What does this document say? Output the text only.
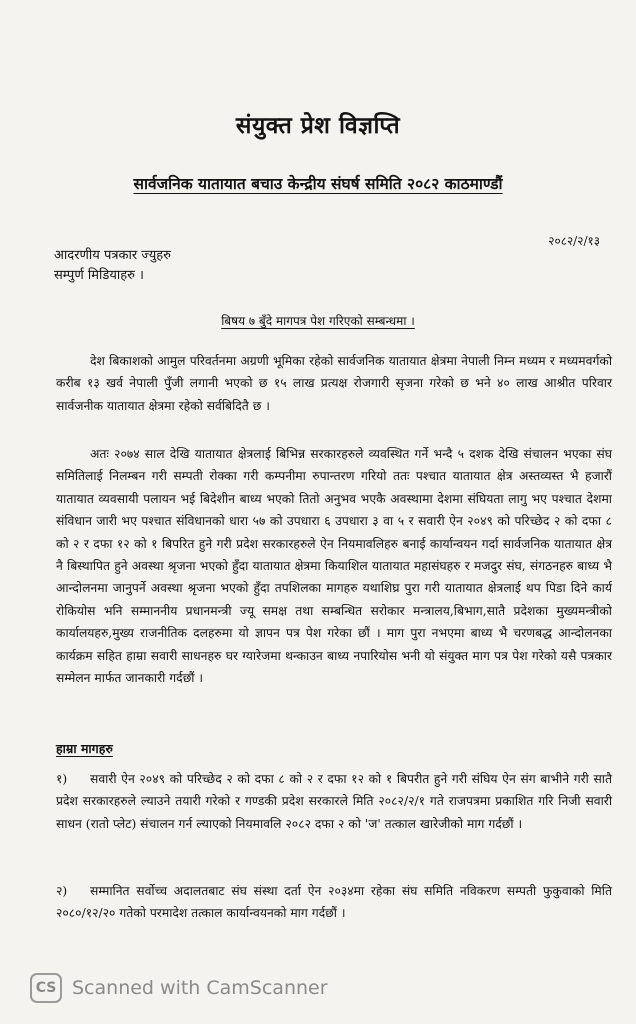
संयुक्त प्रेश विज्ञप्ति
सार्वजनिक यातायात बचाउ केन्द्रीय संघर्ष समिति २०८२ काठमाण्डौं
२०८२/२/१३
आदरणीय पत्रकार ज्युहरु
सम्पुर्ण मिडियाहरु ।
बिषय ७ बुँदे मागपत्र पेश गरिएको सम्बन्धमा ।

देश बिकाशको आमुल परिवर्तनमा अग्रणी भूमिका रहेको सार्वजनिक यातायात क्षेत्रमा नेपाली निम्न मध्यम र मध्यमवर्गको करीब १३ खर्व नेपाली पुँजी लगानी भएको छ १५ लाख प्रत्यक्ष रोजगारी सृजना गरेको छ भने ४० लाख आश्रीत परिवार सार्वजनीक यातायात क्षेत्रमा रहेको सर्वबिदितै छ ।

अतः २०७४ साल देखि यातायात क्षेत्रलाई बिभिन्न सरकारहरुले व्यवस्थित गर्ने भन्दै ५ दशक देखि संचालन भएका संघ समितिलाई निलम्बन गरी सम्पती रोक्का गरी कम्पनीमा रुपान्तरण गरियो ततः पश्चात यातायात क्षेत्र अस्तव्यस्त भै हजारौं यातायात व्यवसायी पलायन भई बिदेशीन बाध्य भएको तितो अनुभव भएकै अवस्थामा देशमा संघियता लागु भए पश्चात देशमा संविधान जारी भए पश्चात संविधानको धारा ५७ को उपधारा ६ उपधारा ३ वा ५ र सवारी ऐन २०४९ को परिच्छेद २ को दफा ८ को २ र दफा १२ को १ बिपरित हुने गरी प्रदेश सरकारहरुले ऐन नियमावलिहरु बनाई कार्यान्वयन गर्दा सार्वजनिक यातायात क्षेत्र नै बिस्थापित हुने अवस्था श्रृजना भएको हुँदा यातायात क्षेत्रमा कियाशिल यातायात महासंघहरु र मजदुर संघ, संगठनहरु बाध्य भै आन्दोलनमा जानुपर्ने अवस्था श्रृजना भएको हुँदा तपशिलका मागहरु यथाशिघ्र पुरा गरी यातायात क्षेत्रलाई थप पिडा दिने कार्य रोकियोस भनि सम्माननीय प्रधानमन्त्री ज्यू समक्ष तथा सम्बन्धित सरोकार मन्त्रालय,बिभाग,सातै प्रदेशका मुख्यमन्त्रीको कार्यालयहरु,मुख्य राजनीतिक दलहरुमा यो ज्ञापन पत्र पेश गरेका छौं । माग पुरा नभएमा बाध्य भै चरणबद्ध आन्दोलनका कार्यक्रम सहित हाम्रा सवारी साधनहरु घर ग्यारेजमा थन्काउन बाध्य नपारियोस भनी यो संयुक्त माग पत्र पेश गरेको यसै पत्रकार सम्मेलन मार्फत जानकारी गर्दछौं ।

हाम्रा मागहरु
१) सवारी ऐन २०४९ को परिच्छेद २ को दफा ८ को २ र दफा १२ को १ बिपरीत हुने गरी संघिय ऐन संग बाभीने गरी सातै प्रदेश सरकारहरुले ल्याउने तयारी गरेको र गण्डकी प्रदेश सरकारले मिति २०८२/२/१ गते राजपत्रमा प्रकाशित गरि निजी सवारी साधन (रातो प्लेट) संचालन गर्न ल्याएको नियमावलि २०८२ दफा २ को 'ज' तत्काल खारेजीको माग गर्दछौं ।
२) सम्मानित सर्वोच्च अदालतबाट संघ संस्था दर्ता ऐन २०३४मा रहेका संघ समिति नविकरण सम्पती फुकुवाको मिति २०८०/१२/२० गतेको परमादेश तत्काल कार्यान्वयनको माग गर्दछौं ।
CS Scanned with CamScanner
